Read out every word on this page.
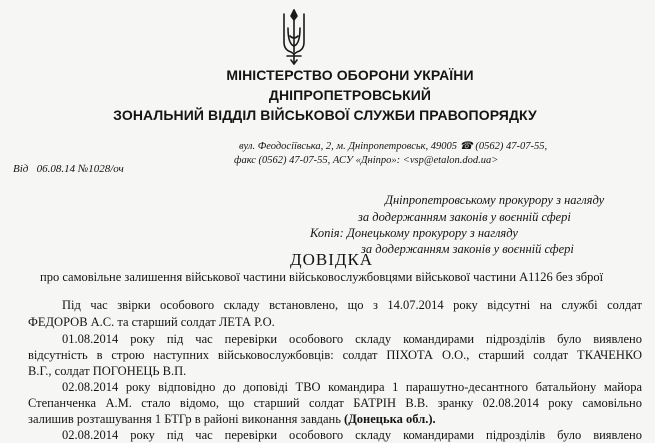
МІНІСТЕРСТВО ОБОРОНИ УКРАЇНИ
ДНІПРОПЕТРОВСЬКИЙ
ЗОНАЛЬНИЙ ВІДДІЛ ВІЙСЬКОВОЇ СЛУЖБИ ПРАВОПОРЯДКУ
вул. Феодосіївська, 2, м. Дніпропетровськ, 49005 ☎ (0562) 47-07-55,
факс (0562) 47-07-55, АСУ «Дніпро»: <vsp@etalon.dod.ua>
Від 06.08.14 №1028/оч
Дніпропетровському прокурору з нагляду
за додержанням законів у воєнній сфері
Копія: Донецькому прокурору з нагляду
за додержанням законів у воєнній сфері
ДОВІДКА
про самовільне залишення військової частини військовослужбовцями військової частини А1126 без зброї
Під час звірки особового складу встановлено, що з 14.07.2014 року відсутні на службі солдат
ФЕДОРОВ А.С. та старший солдат ЛЕТА Р.О.
01.08.2014 року під час перевірки особового складу командирами підрозділів було виявлено
відсутність в строю наступних військовослужбовців: солдат ПІХОТА О.О., старший солдат ТКАЧЕНКО
В.Г., солдат ПОГОНЕЦЬ В.П.
02.08.2014 року відповідно до доповіді ТВО командира 1 парашутно-десантного батальйону майора
Степанченка А.М. стало відомо, що старший солдат БАТРІН В.В. зранку 02.08.2014 року самовільно
залишив розташування 1 БТГр в районі виконання завдань (Донецька обл.).
02.08.2014 року під час перевірки особового складу командирами підрозділів було виявлено
